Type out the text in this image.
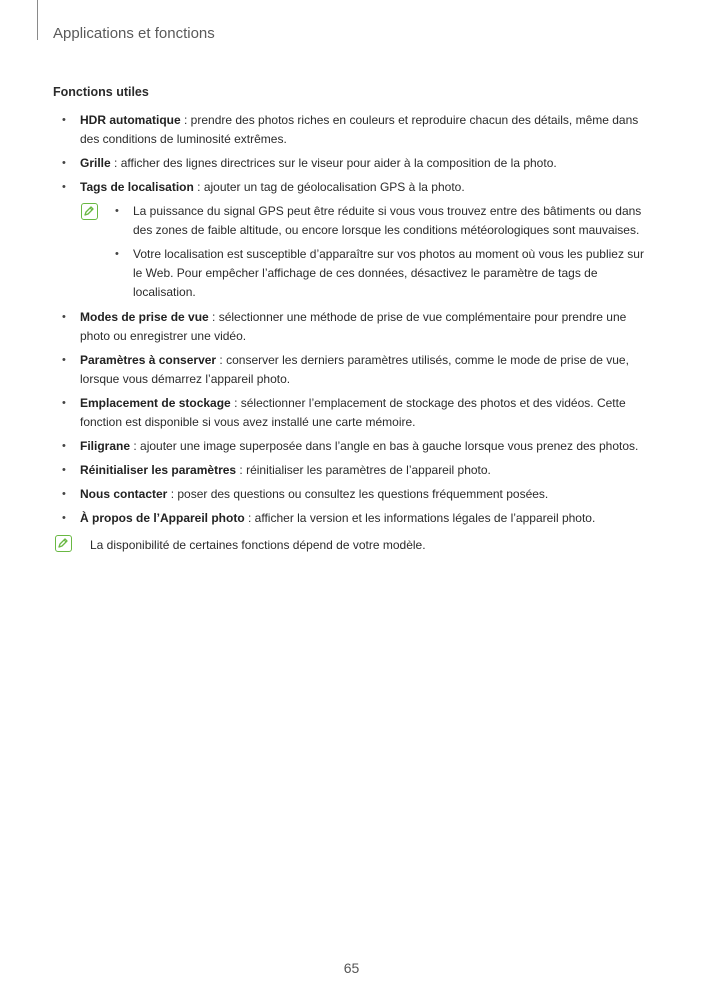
Applications et fonctions
Fonctions utiles
• HDR automatique : prendre des photos riches en couleurs et reproduire chacun des détails, même dans des conditions de luminosité extrêmes.
• Grille : afficher des lignes directrices sur le viseur pour aider à la composition de la photo.
• Tags de localisation : ajouter un tag de géolocalisation GPS à la photo.
• La puissance du signal GPS peut être réduite si vous vous trouvez entre des bâtiments ou dans des zones de faible altitude, ou encore lorsque les conditions météorologiques sont mauvaises.
• Votre localisation est susceptible d’apparaître sur vos photos au moment où vous les publiez sur le Web. Pour empêcher l’affichage de ces données, désactivez le paramètre de tags de localisation.
• Modes de prise de vue : sélectionner une méthode de prise de vue complémentaire pour prendre une photo ou enregistrer une vidéo.
• Paramètres à conserver : conserver les derniers paramètres utilisés, comme le mode de prise de vue, lorsque vous démarrez l’appareil photo.
• Emplacement de stockage : sélectionner l’emplacement de stockage des photos et des vidéos. Cette fonction est disponible si vous avez installé une carte mémoire.
• Filigrane : ajouter une image superposée dans l’angle en bas à gauche lorsque vous prenez des photos.
• Réinitialiser les paramètres : réinitialiser les paramètres de l’appareil photo.
• Nous contacter : poser des questions ou consultez les questions fréquemment posées.
• À propos de l’Appareil photo : afficher la version et les informations légales de l’appareil photo.
La disponibilité de certaines fonctions dépend de votre modèle.
65
